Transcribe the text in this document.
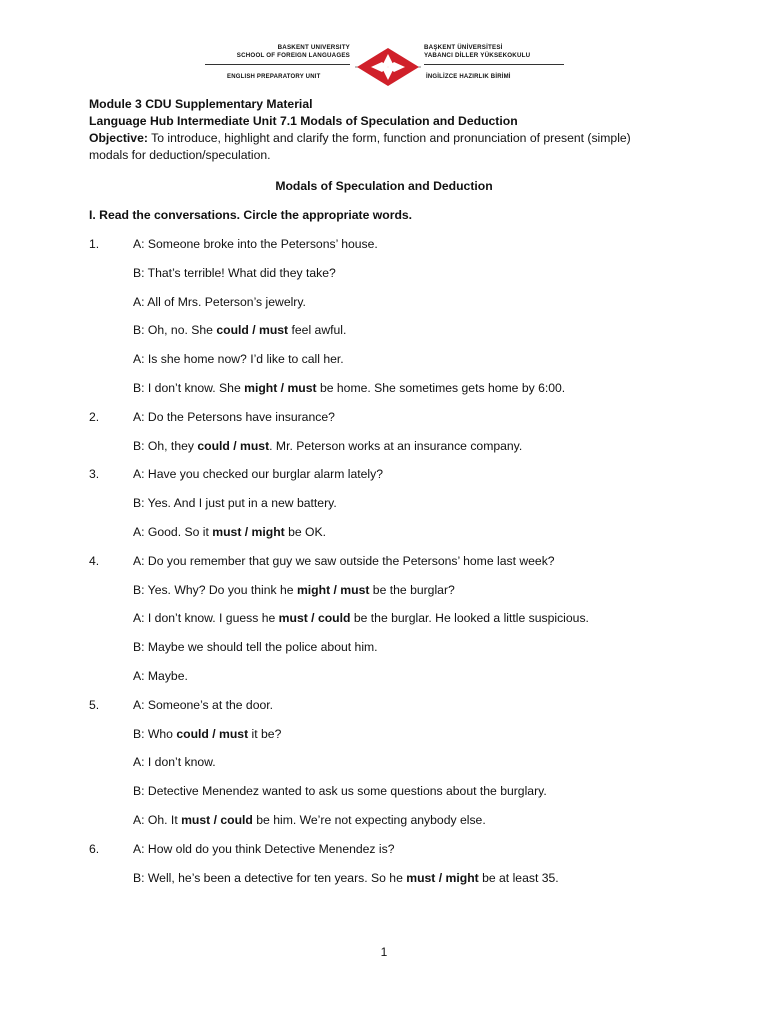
BASKENT UNIVERSITY
SCHOOL OF FOREIGN LANGUAGES
ENGLISH PREPARATORY UNIT
BAŞKENT ÜNİVERSİTESİ
YABANCI DİLLER YÜKSEKOKULU
İNGİLİZCE HAZIRLIK BİRİMİ
Module 3 CDU Supplementary Material
Language Hub Intermediate Unit 7.1 Modals of Speculation and Deduction
Objective: To introduce, highlight and clarify the form, function and pronunciation of present (simple)
modals for deduction/speculation.
Modals of Speculation and Deduction
I. Read the conversations. Circle the appropriate words.
1.	A: Someone broke into the Petersons’ house.
B: That’s terrible! What did they take?
A: All of Mrs. Peterson’s jewelry.
B: Oh, no. She could / must feel awful.
A: Is she home now? I’d like to call her.
B: I don’t know. She might / must be home. She sometimes gets home by 6:00.
2.	A: Do the Petersons have insurance?
B: Oh, they could / must. Mr. Peterson works at an insurance company.
3.	A: Have you checked our burglar alarm lately?
B: Yes. And I just put in a new battery.
A: Good. So it must / might be OK.
4.	A: Do you remember that guy we saw outside the Petersons’ home last week?
B: Yes. Why? Do you think he might / must be the burglar?
A: I don’t know. I guess he must / could be the burglar. He looked a little suspicious.
B: Maybe we should tell the police about him.
A: Maybe.
5.	A: Someone’s at the door.
B: Who could / must it be?
A: I don’t know.
B: Detective Menendez wanted to ask us some questions about the burglary.
A: Oh. It must / could be him. We’re not expecting anybody else.
6.	A: How old do you think Detective Menendez is?
B: Well, he’s been a detective for ten years. So he must / might be at least 35.
1
